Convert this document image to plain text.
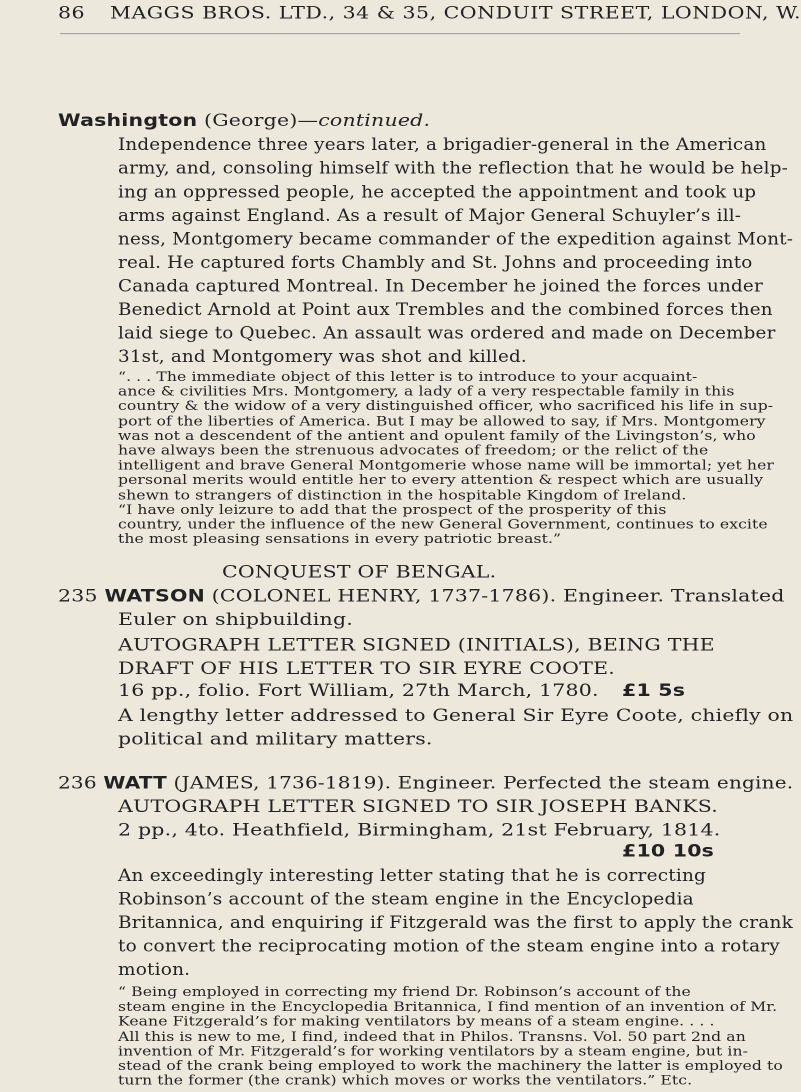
86 MAGGS BROS. LTD., 34 & 35, CONDUIT STREET, LONDON, W.
Washington (George)—continued.
Independence three years later, a brigadier-general in the American
army, and, consoling himself with the reflection that he would be help-
ing an oppressed people, he accepted the appointment and took up
arms against England. As a result of Major General Schuyler’s ill-
ness, Montgomery became commander of the expedition against Mont-
real. He captured forts Chambly and St. Johns and proceeding into
Canada captured Montreal. In December he joined the forces under
Benedict Arnold at Point aux Trembles and the combined forces then
laid siege to Quebec. An assault was ordered and made on December
31st, and Montgomery was shot and killed.
“. . . The immediate object of this letter is to introduce to your acquaint-
ance & civilities Mrs. Montgomery, a lady of a very respectable family in this
country & the widow of a very distinguished officer, who sacrificed his life in sup-
port of the liberties of America. But I may be allowed to say, if Mrs. Montgomery
was not a descendent of the antient and opulent family of the Livingston’s, who
have always been the strenuous advocates of freedom; or the relict of the
intelligent and brave General Montgomerie whose name will be immortal; yet her
personal merits would entitle her to every attention & respect which are usually
shewn to strangers of distinction in the hospitable Kingdom of Ireland.
“I have only leizure to add that the prospect of the prosperity of this
country, under the influence of the new General Government, continues to excite
the most pleasing sensations in every patriotic breast.”
CONQUEST OF BENGAL.
235 WATSON (COLONEL HENRY, 1737-1786). Engineer. Translated
Euler on shipbuilding.
AUTOGRAPH LETTER SIGNED (INITIALS), BEING THE
DRAFT OF HIS LETTER TO SIR EYRE COOTE.
16 pp., folio. Fort William, 27th March, 1780. £1 5s
A lengthy letter addressed to General Sir Eyre Coote, chiefly on
political and military matters.
236 WATT (JAMES, 1736-1819). Engineer. Perfected the steam engine.
AUTOGRAPH LETTER SIGNED TO SIR JOSEPH BANKS.
2 pp., 4to. Heathfield, Birmingham, 21st February, 1814.
£10 10s
An exceedingly interesting letter stating that he is correcting
Robinson’s account of the steam engine in the Encyclopedia
Britannica, and enquiring if Fitzgerald was the first to apply the crank
to convert the reciprocating motion of the steam engine into a rotary
motion.
“ Being employed in correcting my friend Dr. Robinson’s account of the
steam engine in the Encyclopedia Britannica, I find mention of an invention of Mr.
Keane Fitzgerald’s for making ventilators by means of a steam engine. . . .
All this is new to me, I find, indeed that in Philos. Transns. Vol. 50 part 2nd an
invention of Mr. Fitzgerald’s for working ventilators by a steam engine, but in-
stead of the crank being employed to work the machinery the latter is employed to
turn the former (the crank) which moves or works the ventilators.” Etc.
